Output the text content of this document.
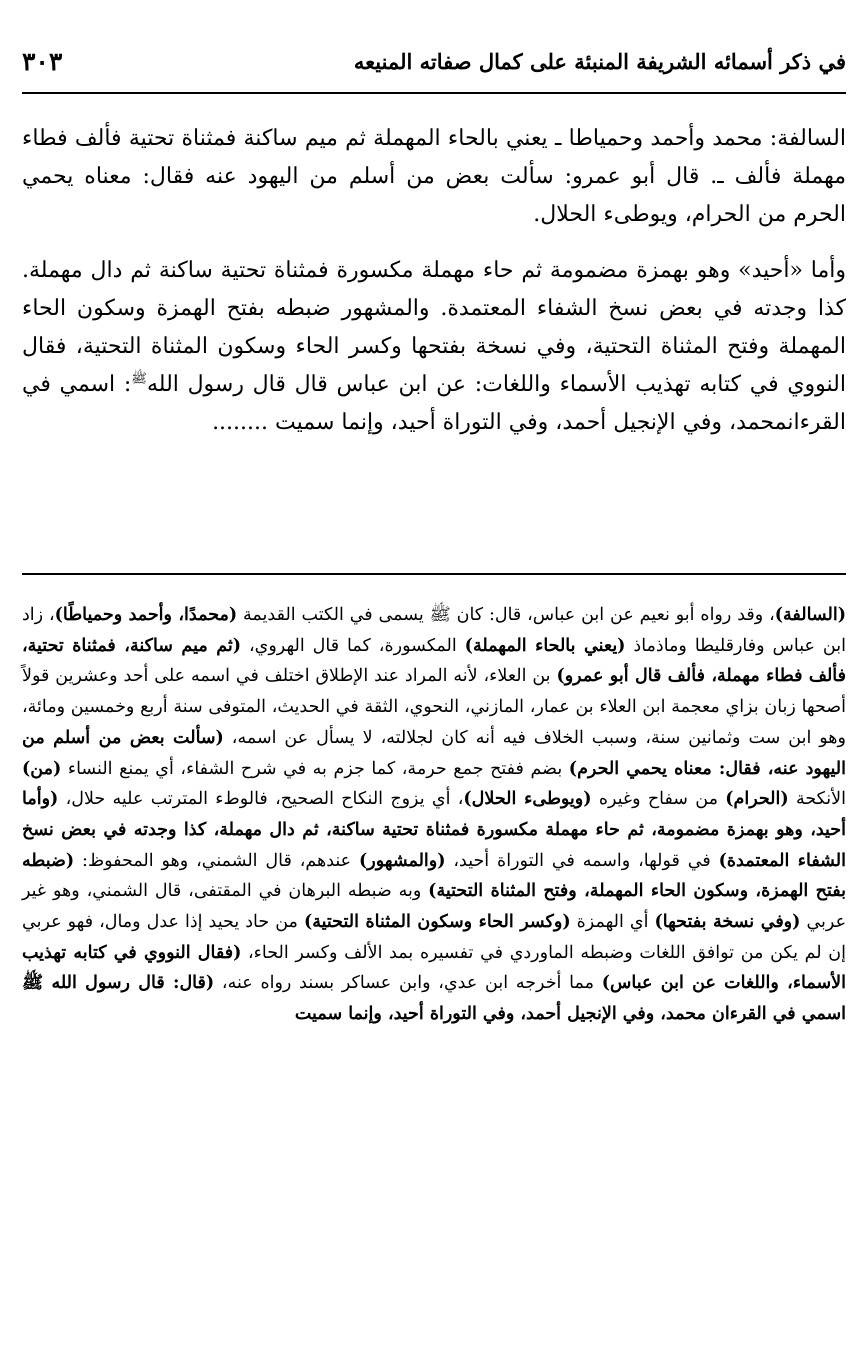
في ذكر أسمائه الشريفة المنبئة على كمال صفاته المنيعه
٣٠٣

السالفة: محمد وأحمد وحمياطا ـ يعني بالحاء المهملة ثم ميم ساكنة فمثناة تحتية فألف فطاء مهملة فألف ـ. قال أبو عمرو: سألت بعض من أسلم من اليهود عنه فقال: معناه يحمي الحرم من الحرام، ويوطىء الحلال.

وأما «أحيد» وهو بهمزة مضمومة ثم حاء مهملة مكسورة فمثناة تحتية ساكنة ثم دال مهملة. كذا وجدته في بعض نسخ الشفاء المعتمدة. والمشهور ضبطه بفتح الهمزة وسكون الحاء المهملة وفتح المثناة التحتية، وفي نسخة بفتحها وكسر الحاء وسكون المثناة التحتية، فقال النووي في كتابه تهذيب الأسماء واللغات: عن ابن عباس قال قال رسول الله$^ﷺ$: اسمي في القرءانمحمد، وفي الإنجيل أحمد، وفي التوراة أحيد، وإنما سميت ........

(السالفة)، وقد رواه أبو نعيم عن ابن عباس، قال: كان ﷺ يسمى في الكتب القديمة (محمدًا، وأحمد وحمياطًا)، زاد ابن عباس وفارقليطا وماذماذ (يعني بالحاء المهملة) المكسورة، كما قال الهروي، (ثم ميم ساكنة، فمثناة تحتية، فألف فطاء مهملة، فألف قال أبو عمرو) بن العلاء، لأنه المراد عند الإطلاق اختلف في اسمه على أحد وعشرين قولاً أصحها زبان بزاي معجمة ابن العلاء بن عمار، المازني، النحوي، الثقة في الحديث، المتوفى سنة أربع وخمسين ومائة، وهو ابن ست وثمانين سنة، وسبب الخلاف فيه أنه كان لجلالته، لا يسأل عن اسمه، (سألت بعض من أسلم من اليهود عنه، فقال: معناه يحمي الحرم) بضم ففتح جمع حرمة، كما جزم به في شرح الشفاء، أي يمنع النساء (من) الأنكحة (الحرام) من سفاح وغيره (ويوطىء الحلال)، أي يزوج النكاح الصحيح، فالوطء المترتب عليه حلال، (وأما أحيد، وهو بهمزة مضمومة، ثم حاء مهملة مكسورة فمثناة تحتية ساكنة، ثم دال مهملة، كذا وجدته في بعض نسخ الشفاء المعتمدة) في قولها، واسمه في التوراة أحيد، (والمشهور) عندهم، قال الشمني، وهو المحفوظ: (ضبطه بفتح الهمزة، وسكون الحاء المهملة، وفتح المثناة التحتية) وبه ضبطه البرهان في المقتفى، قال الشمني، وهو غير عربي (وفي نسخة بفتحها) أي الهمزة (وكسر الحاء وسكون المثناة التحتية) من حاد يحيد إذا عدل ومال، فهو عربي إن لم يكن من توافق اللغات وضبطه الماوردي في تفسيره بمد الألف وكسر الحاء، (فقال النووي في كتابه تهذيب الأسماء، واللغات عن ابن عباس) مما أخرجه ابن عدي، وابن عساكر بسند رواه عنه، (قال: قال رسول الله ﷺ اسمي في القرءان محمد، وفي الإنجيل أحمد، وفي التوراة أحيد، وإنما سميت
